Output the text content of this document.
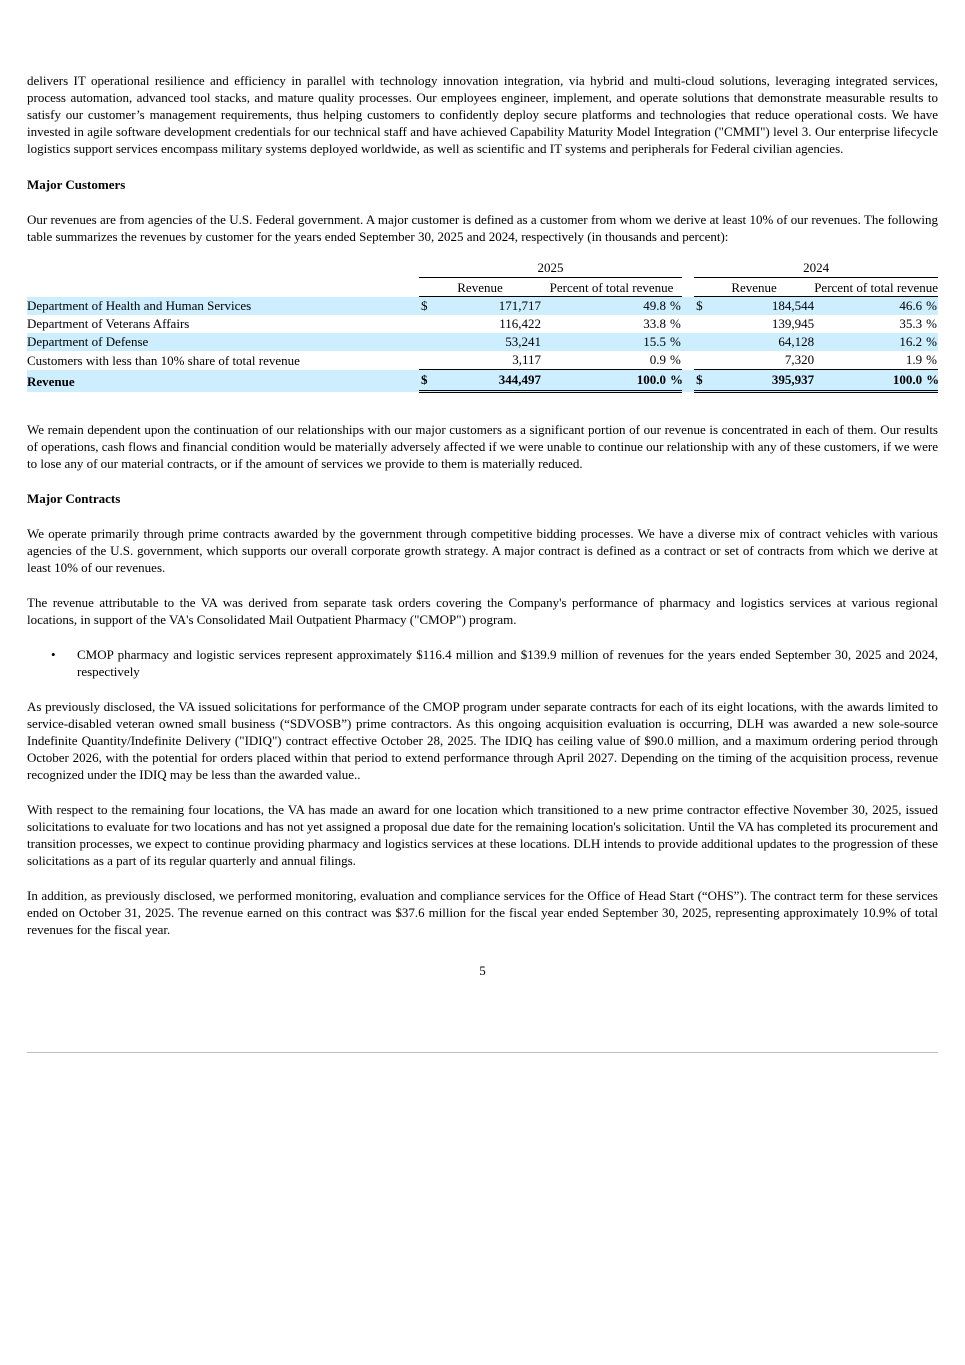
delivers IT operational resilience and efficiency in parallel with technology innovation integration, via hybrid and multi-cloud solutions, leveraging integrated services, process automation, advanced tool stacks, and mature quality processes. Our employees engineer, implement, and operate solutions that demonstrate measurable results to satisfy our customer’s management requirements, thus helping customers to confidently deploy secure platforms and technologies that reduce operational costs. We have invested in agile software development credentials for our technical staff and have achieved Capability Maturity Model Integration ("CMMI") level 3. Our enterprise lifecycle logistics support services encompass military systems deployed worldwide, as well as scientific and IT systems and peripherals for Federal civilian agencies.

Major Customers

Our revenues are from agencies of the U.S. Federal government. A major customer is defined as a customer from whom we derive at least 10% of our revenues. The following table summarizes the revenues by customer for the years ended September 30, 2025 and 2024, respectively (in thousands and percent):

	2025						2024				
	Revenue		Percent of total revenue				Revenue		Percent of total revenue		
Department of Health and Human Services	$	171,717		49.8	%		$	184,544		46.6	%
Department of Veterans Affairs		116,422		33.8	%			139,945		35.3	%
Department of Defense		53,241		15.5	%			64,128		16.2	%
Customers with less than 10% share of total revenue		3,117		0.9	%			7,320		1.9	%
Revenue	$	344,497		100.0	%		$	395,937		100.0	%

We remain dependent upon the continuation of our relationships with our major customers as a significant portion of our revenue is concentrated in each of them. Our results of operations, cash flows and financial condition would be materially adversely affected if we were unable to continue our relationship with any of these customers, if we were to lose any of our material contracts, or if the amount of services we provide to them is materially reduced.

Major Contracts

We operate primarily through prime contracts awarded by the government through competitive bidding processes. We have a diverse mix of contract vehicles with various agencies of the U.S. government, which supports our overall corporate growth strategy. A major contract is defined as a contract or set of contracts from which we derive at least 10% of our revenues.

The revenue attributable to the VA was derived from separate task orders covering the Company's performance of pharmacy and logistics services at various regional locations, in support of the VA's Consolidated Mail Outpatient Pharmacy ("CMOP") program.

•	CMOP pharmacy and logistic services represent approximately $116.4 million and $139.9 million of revenues for the years ended September 30, 2025 and 2024, respectively

As previously disclosed, the VA issued solicitations for performance of the CMOP program under separate contracts for each of its eight locations, with the awards limited to service-disabled veteran owned small business (“SDVOSB”) prime contractors. As this ongoing acquisition evaluation is occurring, DLH was awarded a new sole-source Indefinite Quantity/Indefinite Delivery ("IDIQ") contract effective October 28, 2025. The IDIQ has ceiling value of $90.0 million, and a maximum ordering period through October 2026, with the potential for orders placed within that period to extend performance through April 2027. Depending on the timing of the acquisition process, revenue recognized under the IDIQ may be less than the awarded value..

With respect to the remaining four locations, the VA has made an award for one location which transitioned to a new prime contractor effective November 30, 2025, issued solicitations to evaluate for two locations and has not yet assigned a proposal due date for the remaining location's solicitation. Until the VA has completed its procurement and transition processes, we expect to continue providing pharmacy and logistics services at these locations. DLH intends to provide additional updates to the progression of these solicitations as a part of its regular quarterly and annual filings.

In addition, as previously disclosed, we performed monitoring, evaluation and compliance services for the Office of Head Start (“OHS”). The contract term for these services ended on October 31, 2025. The revenue earned on this contract was $37.6 million for the fiscal year ended September 30, 2025, representing approximately 10.9% of total revenues for the fiscal year.

5
